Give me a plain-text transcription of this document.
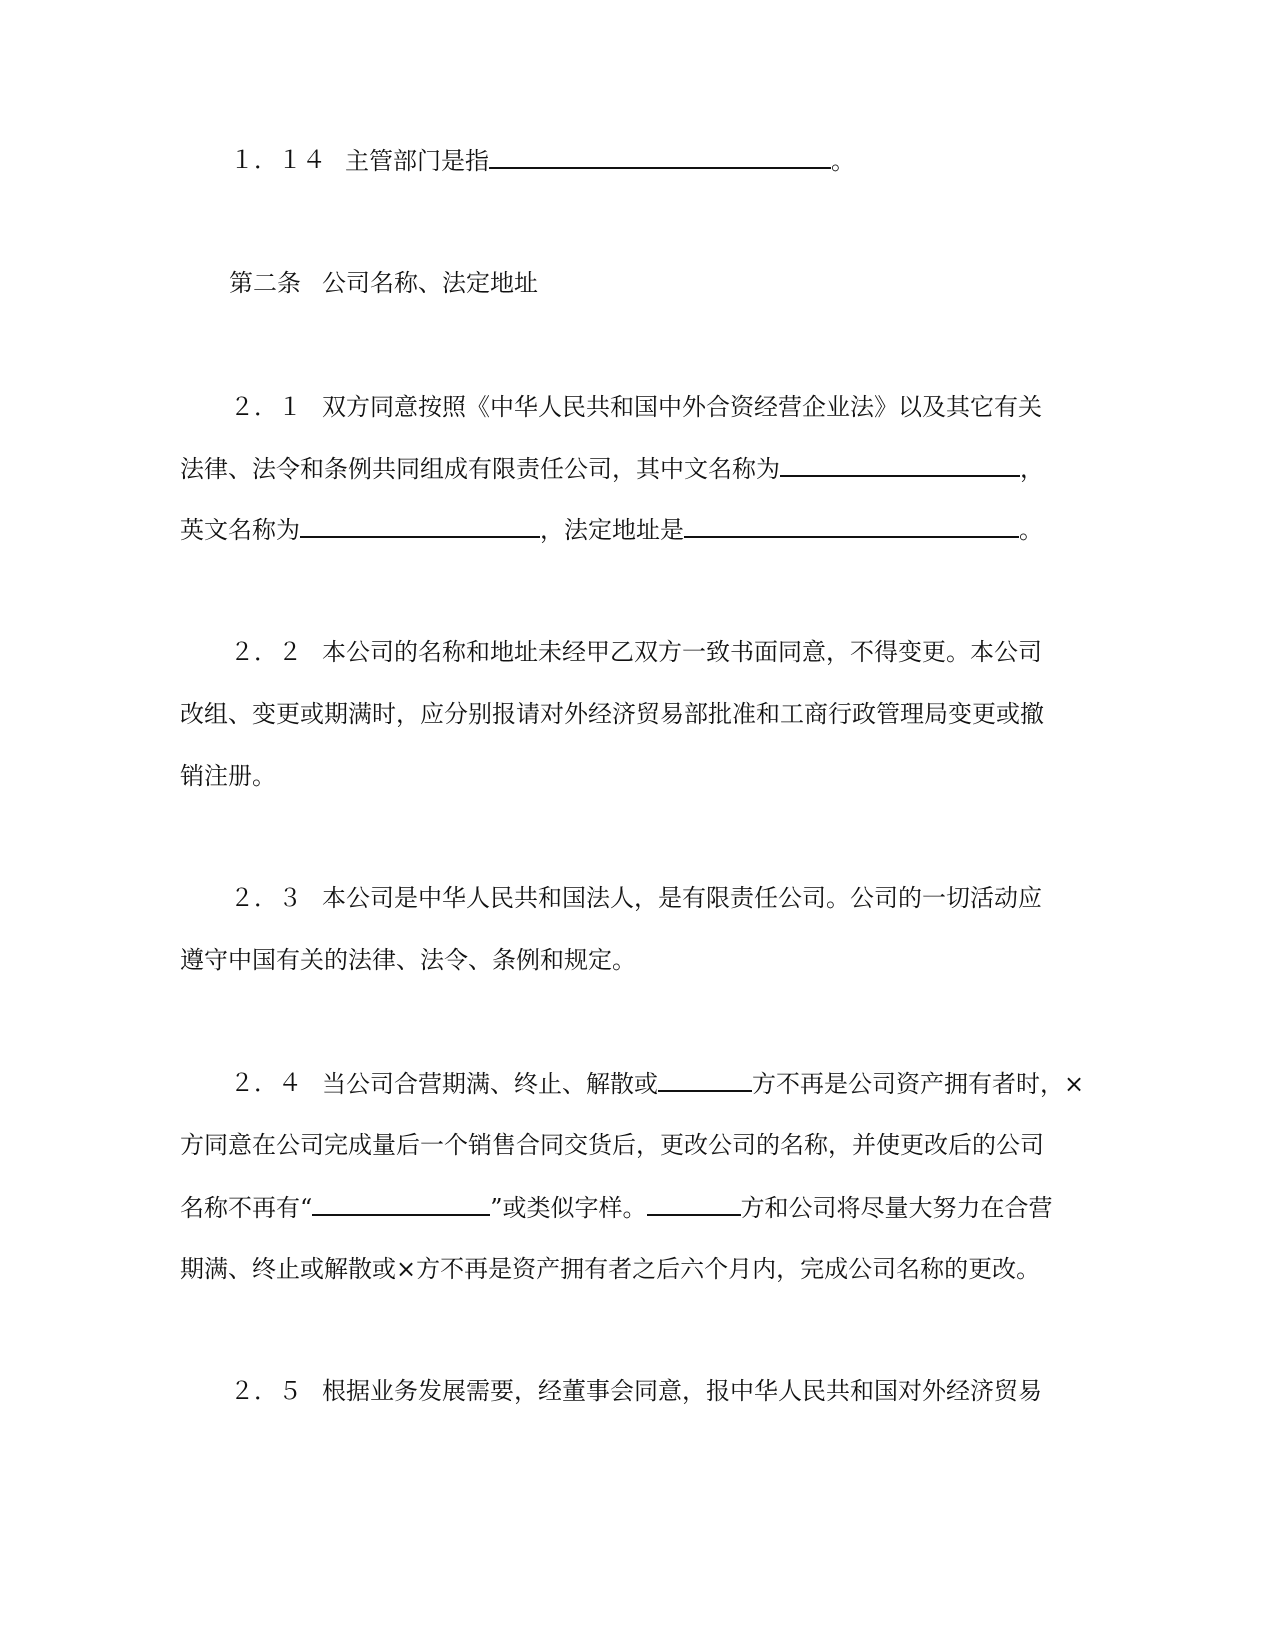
１．１４ 主管部门是指	。
第二条 公司名称、法定地址
２．１ 双方同意按照《中华人民共和国中外合资经营企业法》以及其它有关
法律、法令和条例共同组成有限责任公司，其中文名称为	，
英文名称为	，法定地址是	。
２．２ 本公司的名称和地址未经甲乙双方一致书面同意，不得变更。本公司
改组、变更或期满时，应分别报请对外经济贸易部批准和工商行政管理局变更或撤
销注册。
２．３ 本公司是中华人民共和国法人，是有限责任公司。公司的一切活动应
遵守中国有关的法律、法令、条例和规定。
２．４ 当公司合营期满、终止、解散或	方不再是公司资产拥有者时，×
方同意在公司完成量后一个销售合同交货后，更改公司的名称，并使更改后的公司
名称不再有“	”或类似字样。	方和公司将尽量大努力在合营
期满、终止或解散或×方不再是资产拥有者之后六个月内，完成公司名称的更改。
２．５ 根据业务发展需要，经董事会同意，报中华人民共和国对外经济贸易
